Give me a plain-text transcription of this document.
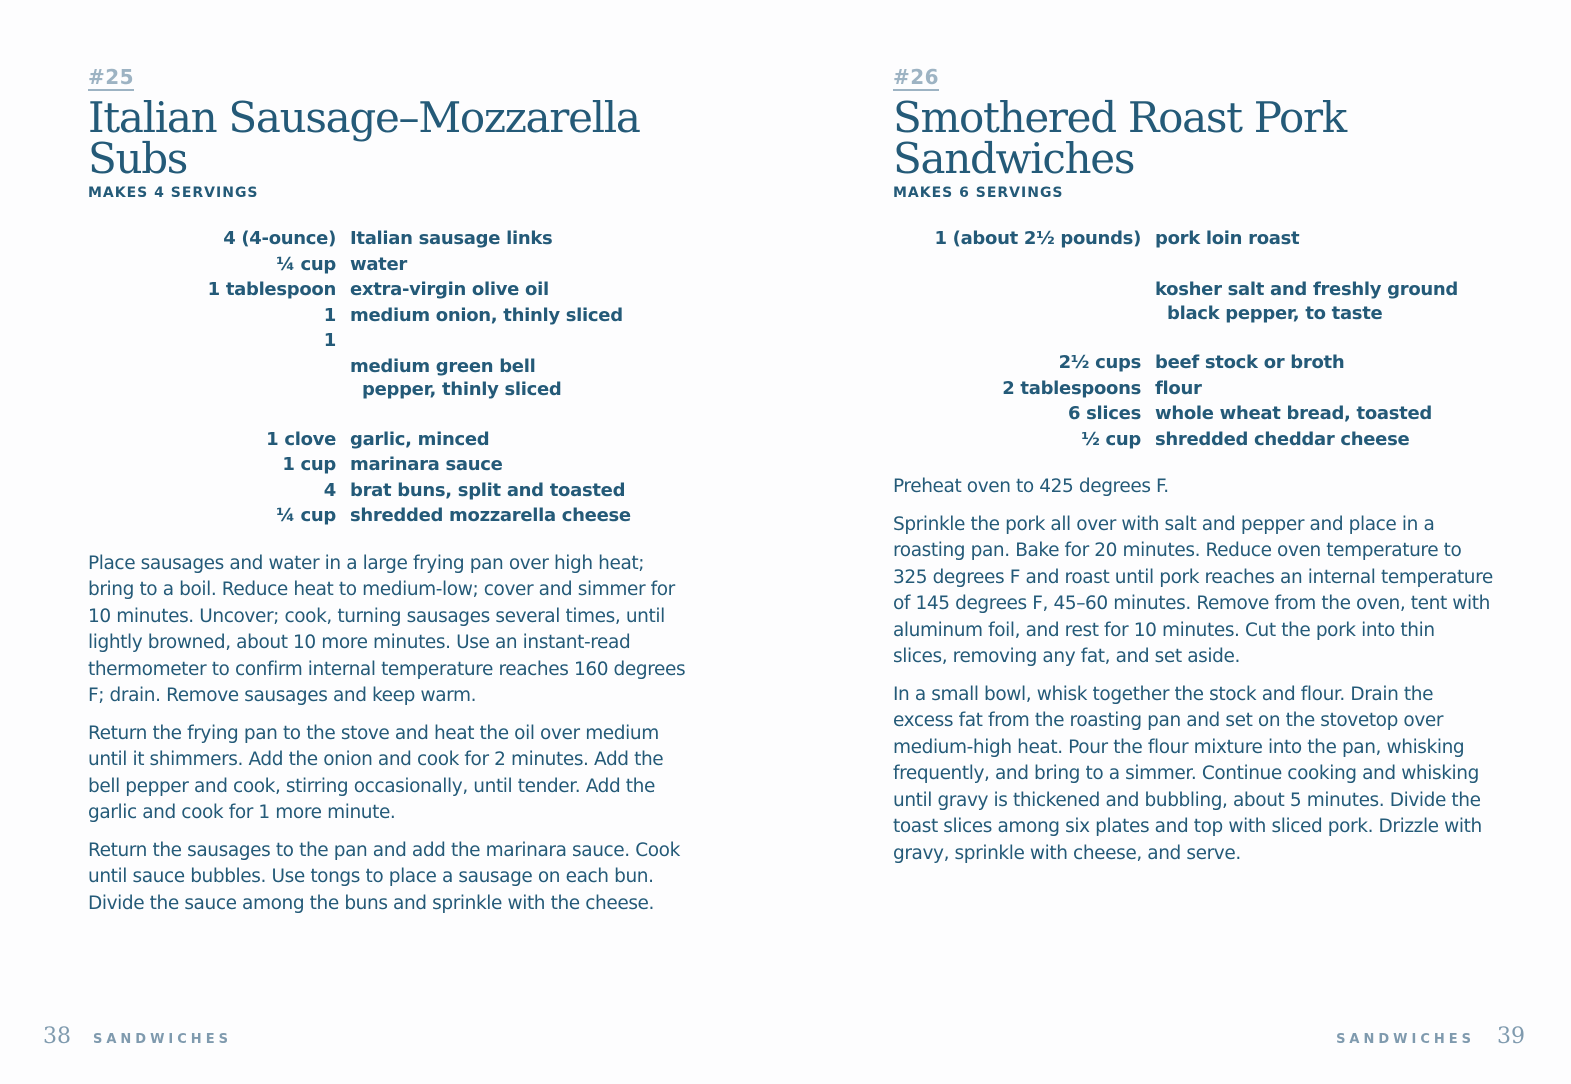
#25
Italian Sausage–Mozzarella Subs
MAKES 4 SERVINGS
4 (4-ounce) Italian sausage links
¼ cup water
1 tablespoon extra-virgin olive oil
1 medium onion, thinly sliced
1

medium green bell

pepper, thinly sliced

1 clove garlic, minced
1 cup marinara sauce
4 brat buns, split and toasted
¼ cup shredded mozzarella cheese

Place sausages and water in a large frying pan over high heat; bring to a boil. Reduce heat to medium-low; cover and simmer for 10 minutes. Uncover; cook, turning sausages several times, until lightly browned, about 10 more minutes. Use an instant-read thermometer to confirm internal temperature reaches 160 degrees F; drain. Remove sausages and keep warm.

Return the frying pan to the stove and heat the oil over medium until it shimmers. Add the onion and cook for 2 minutes. Add the bell pepper and cook, stirring occasionally, until tender. Add the garlic and cook for 1 more minute.

Return the sausages to the pan and add the marinara sauce. Cook until sauce bubbles. Use tongs to place a sausage on each bun. Divide the sauce among the buns and sprinkle with the cheese.

38 SANDWICHES
#26
Smothered Roast Pork
Sandwiches
MAKES 6 SERVINGS
1 (about 2½ pounds) pork loin roast

kosher salt and freshly ground

black pepper, to taste

2½ cups beef stock or broth
2 tablespoons flour
6 slices whole wheat bread, toasted
½ cup shredded cheddar cheese

Preheat oven to 425 degrees F.

Sprinkle the pork all over with salt and pepper and place in a roasting pan. Bake for 20 minutes. Reduce oven temperature to 325 degrees F and roast until pork reaches an internal temperature of 145 degrees F, 45–60 minutes. Remove from the oven, tent with aluminum foil, and rest for 10 minutes. Cut the pork into thin slices, removing any fat, and set aside.

In a small bowl, whisk together the stock and flour. Drain the excess fat from the roasting pan and set on the stovetop over medium-high heat. Pour the flour mixture into the pan, whisking frequently, and bring to a simmer. Continue cooking and whisking until gravy is thickened and bubbling, about 5 minutes. Divide the toast slices among six plates and top with sliced pork. Drizzle with gravy, sprinkle with cheese, and serve.

SANDWICHES 39
